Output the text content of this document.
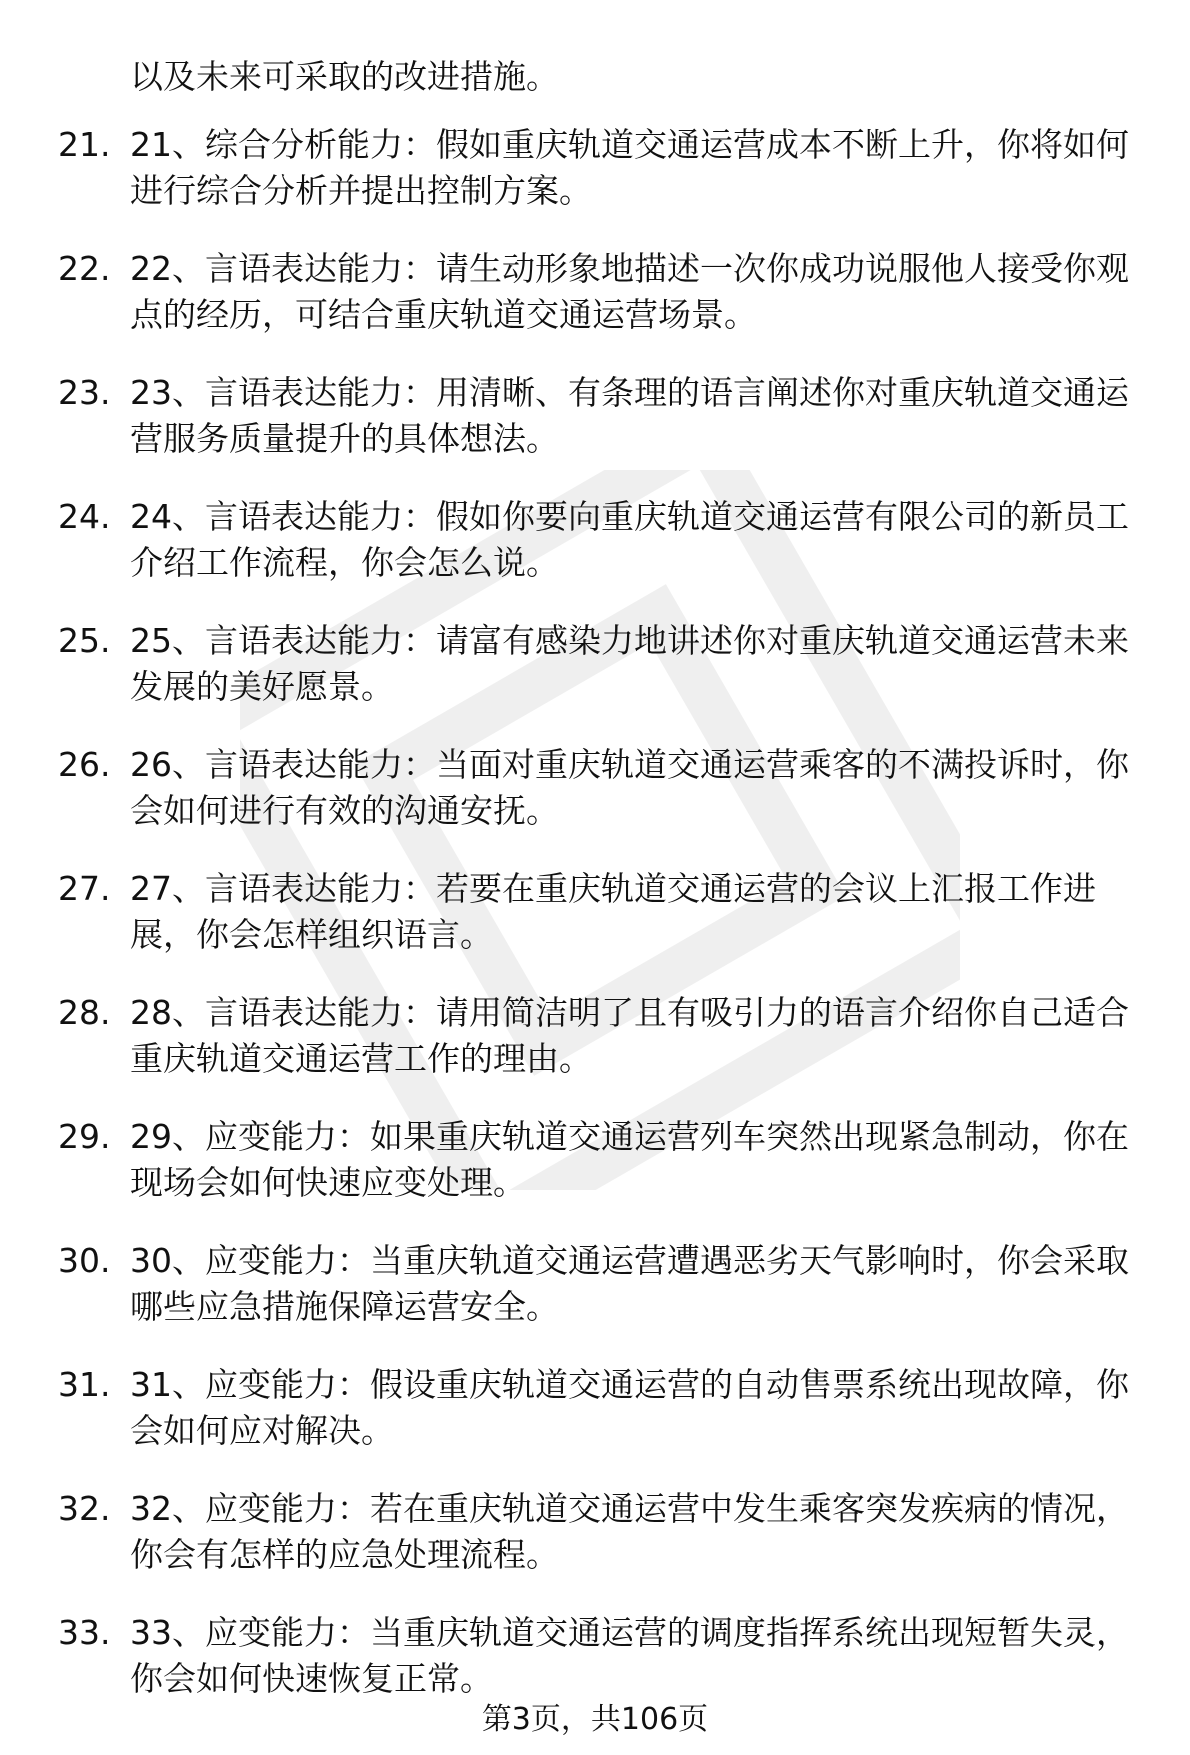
以及未来可采取的改进措施。
21. 21、综合分析能力：假如重庆轨道交通运营成本不断上升，你将如何进行综合分析并提出控制方案。
22. 22、言语表达能力：请生动形象地描述一次你成功说服他人接受你观点的经历，可结合重庆轨道交通运营场景。
23. 23、言语表达能力：用清晰、有条理的语言阐述你对重庆轨道交通运营服务质量提升的具体想法。
24. 24、言语表达能力：假如你要向重庆轨道交通运营有限公司的新员工介绍工作流程，你会怎么说。
25. 25、言语表达能力：请富有感染力地讲述你对重庆轨道交通运营未来发展的美好愿景。
26. 26、言语表达能力：当面对重庆轨道交通运营乘客的不满投诉时，你会如何进行有效的沟通安抚。
27. 27、言语表达能力：若要在重庆轨道交通运营的会议上汇报工作进展，你会怎样组织语言。
28. 28、言语表达能力：请用简洁明了且有吸引力的语言介绍你自己适合重庆轨道交通运营工作的理由。
29. 29、应变能力：如果重庆轨道交通运营列车突然出现紧急制动，你在现场会如何快速应变处理。
30. 30、应变能力：当重庆轨道交通运营遭遇恶劣天气影响时，你会采取哪些应急措施保障运营安全。
31. 31、应变能力：假设重庆轨道交通运营的自动售票系统出现故障，你会如何应对解决。
32. 32、应变能力：若在重庆轨道交通运营中发生乘客突发疾病的情况，你会有怎样的应急处理流程。
33. 33、应变能力：当重庆轨道交通运营的调度指挥系统出现短暂失灵，你会如何快速恢复正常。
第3页，共106页
